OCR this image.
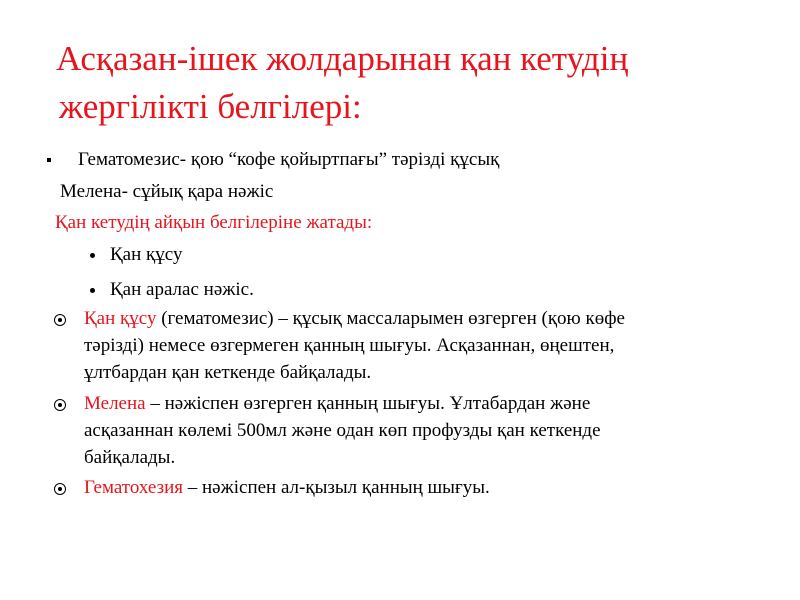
Асқазан-ішек жолдарынан қан кетудің
жергілікті белгілері:
Гематомезис- қою “кофе қойыртпағы” тәрізді құсық
Мелена- сұйық қара нәжіс
Қан кетудің айқын белгілеріне жатады:
Қан құсу
Қан аралас нәжіс.
Қан құсу (гематомезис) – құсық массаларымен өзгерген (қою көфе
тәрізді) немесе өзгермеген қанның шығуы. Асқазаннан, өңештен,
ұлтбардан қан кеткенде байқалады.
Мелена – нәжіспен өзгерген қанның шығуы. Ұлтабардан және
асқазаннан көлемі 500мл және одан көп профузды қан кеткенде
байқалады.
Гематохезия – нәжіспен ал-қызыл қанның шығуы.
